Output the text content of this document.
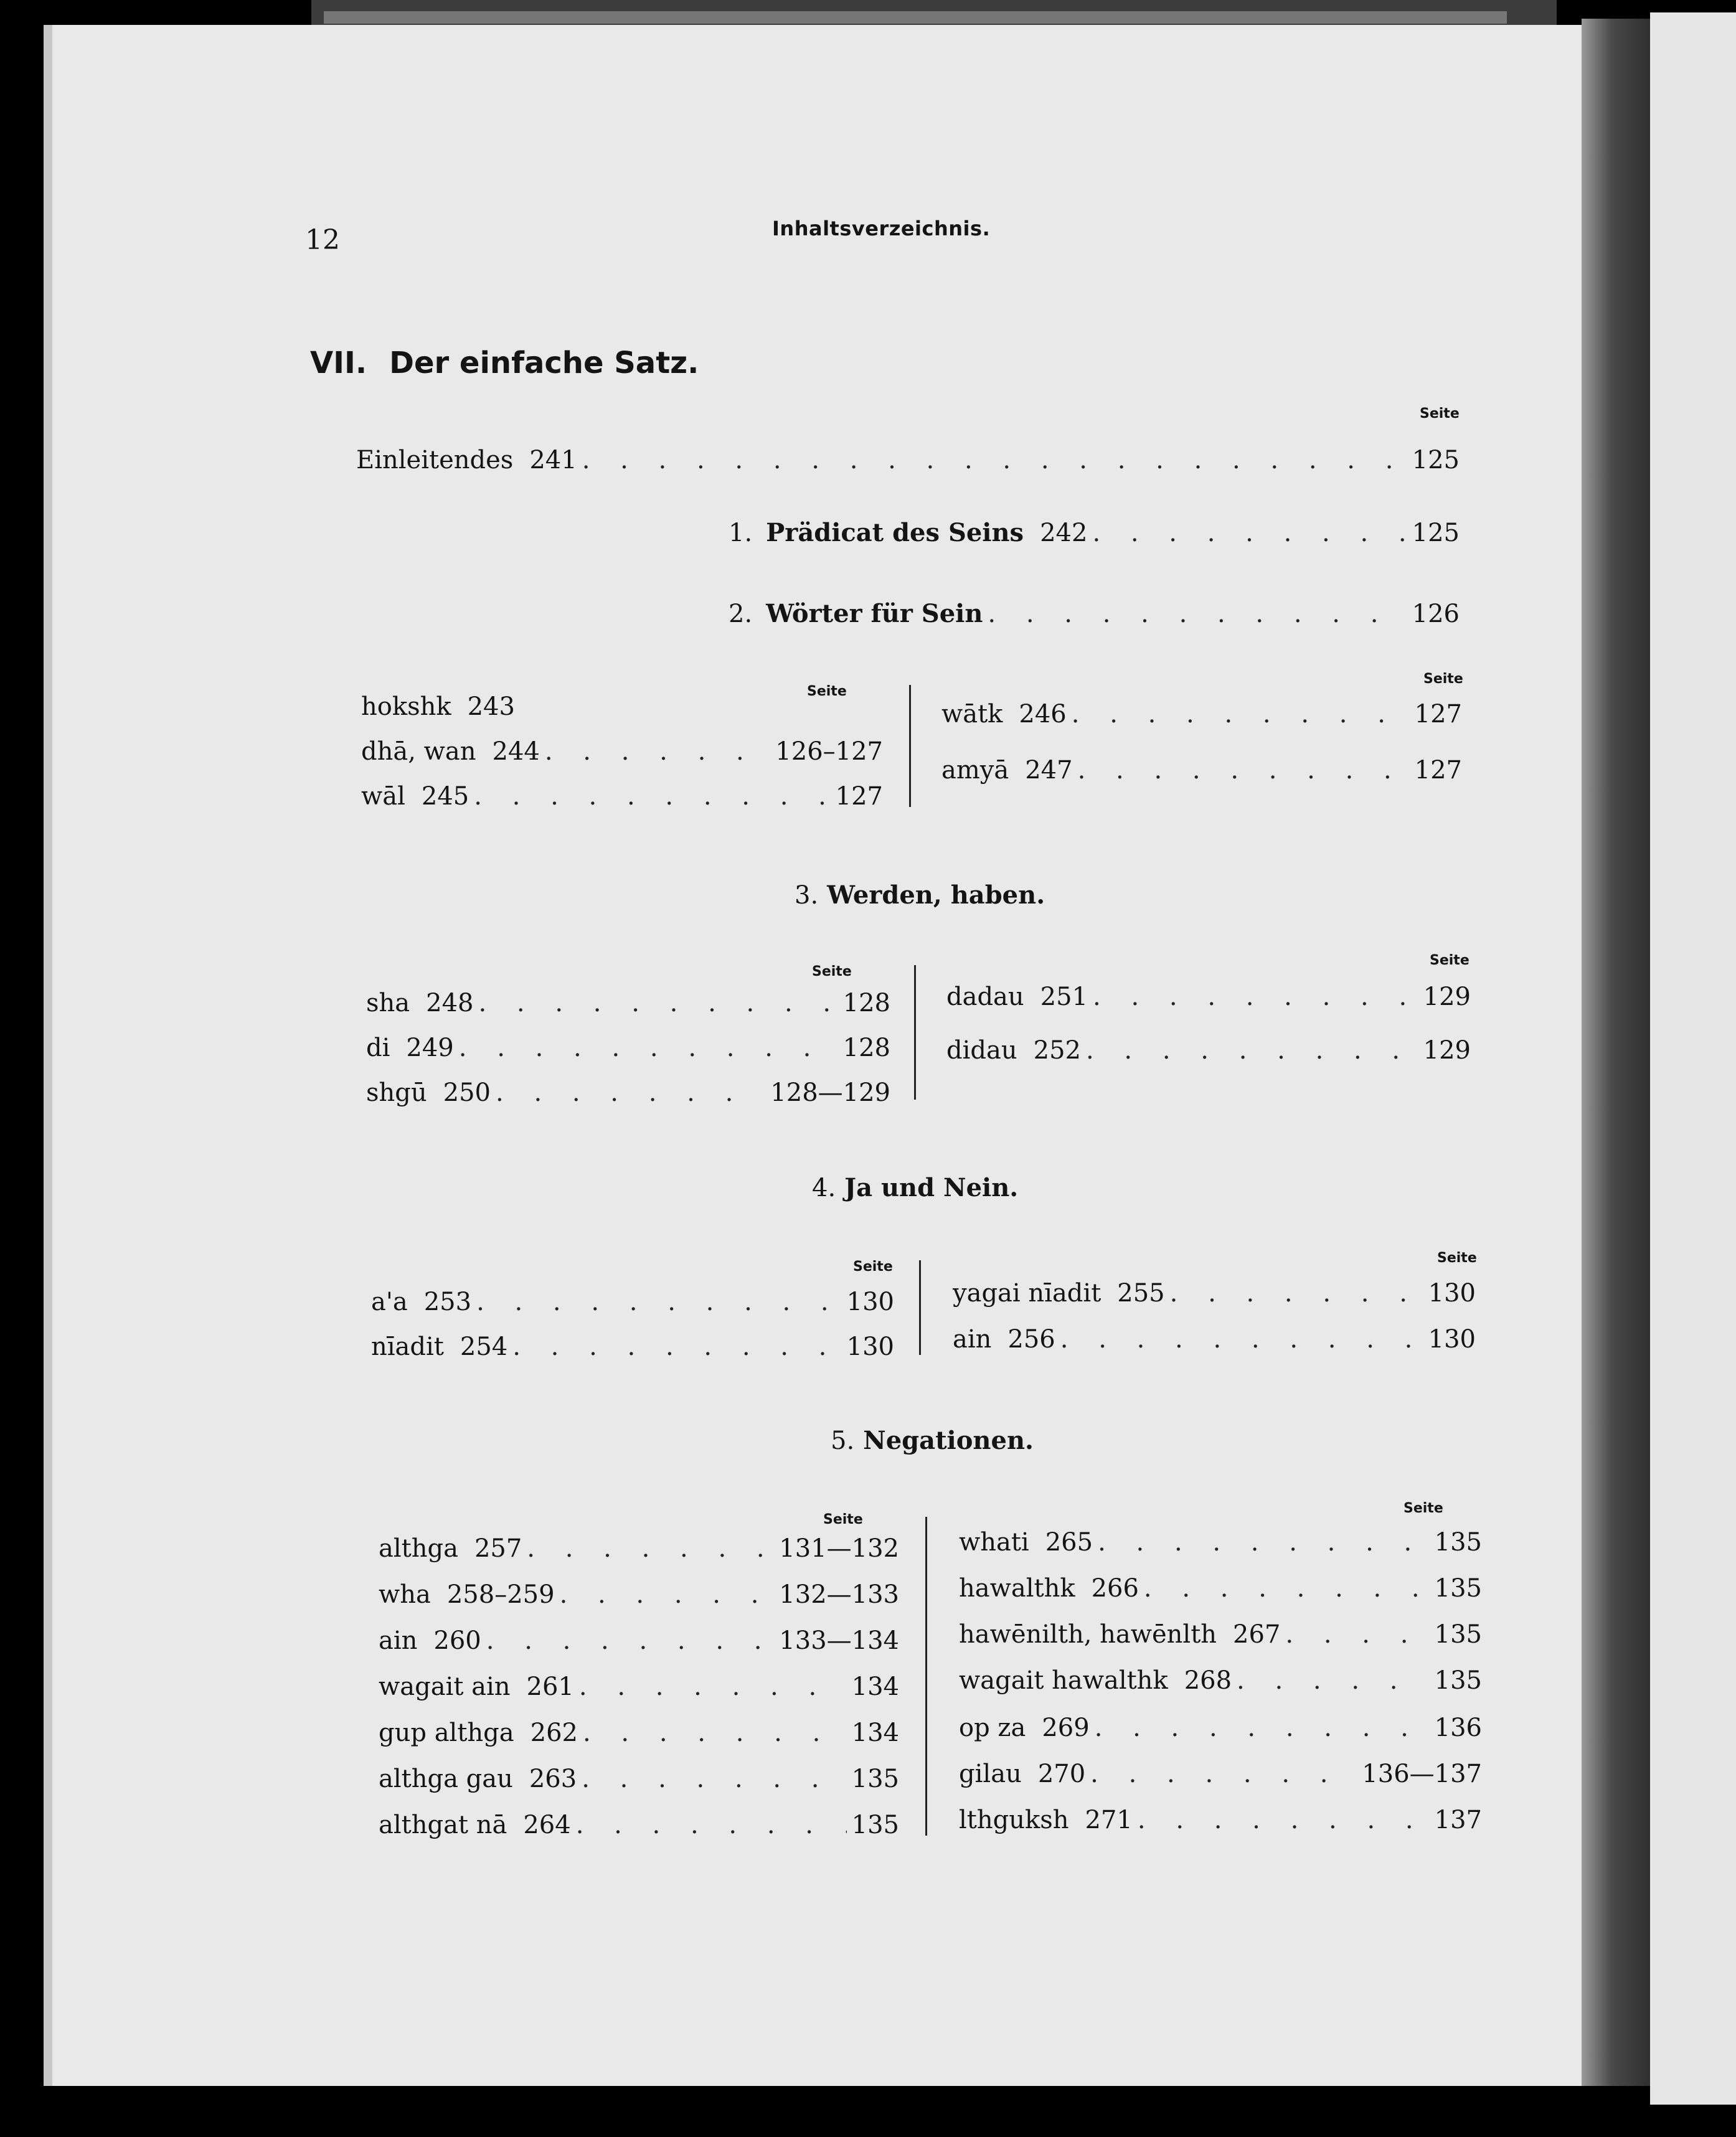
12	Inhaltsverzeichnis.
VII. Der einfache Satz.
Seite
Einleitendes 241 . . .	125
1. Prädicat des Seins 242 . . .	125
2. Wörter für Sein . . .	126
Seite
Seite
hokshk 243
dhā, wan 244 . . .	126–127
wāl 245 . . .	127
wātk 246 . . .	127
amyā 247 . . .	127
3. Werden, haben.
Seite
Seite
sha 248 . . .	128
di 249 . . .	128
shgū 250 . . .	128—129
dadau 251 . . .	129
didau 252 . . .	129
4. Ja und Nein.
Seite
Seite
a'a 253 . . .	130
nīadit 254 . . .	130
yagai nīadit 255 . . .	130
ain 256 . . .	130
5. Negationen.
Seite
Seite
althga 257 . . .	131—132
wha 258–259 . . .	132—133
ain 260 . . .	133—134
wagait ain 261 . . .	134
gup althga 262 . . .	134
althga gau 263 . . .	135
althgat nā 264 . . .	135
whati 265 . . .	135
hawalthk 266 . . .	135
hawēnilth, hawēnlth 267 . . .	135
wagait hawalthk 268 . . .	135
op za 269 . . .	136
gilau 270 . . .	136—137
lthguksh 271 . . .	137
